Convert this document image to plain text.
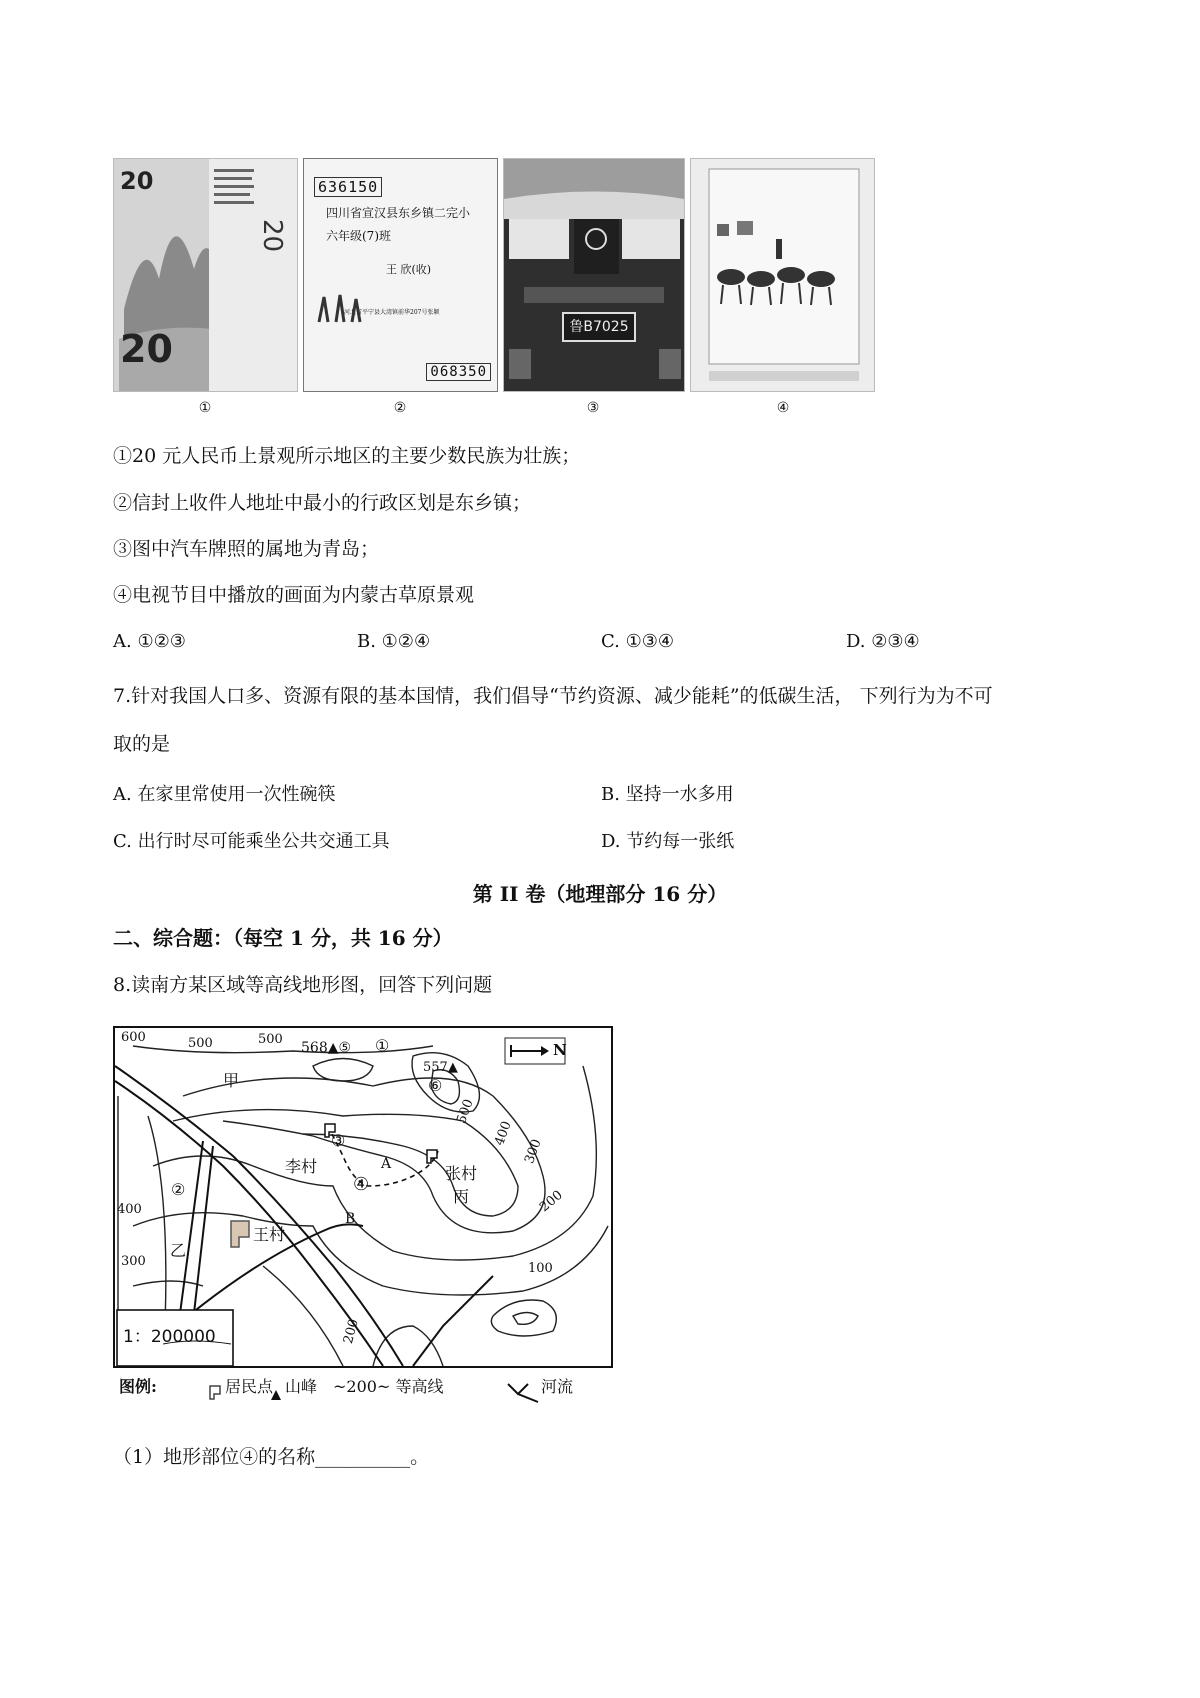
20
20
20
636150
四川省宣汉县东乡镇二完小
六年级(7)班
王 欣(收)
河北省平宁县大湾镇前华207号张颖
068350
鲁B7025
①	②	③	④
①20 元人民币上景观所示地区的主要少数民族为壮族；
②信封上收件人地址中最小的行政区划是东乡镇；
③图中汽车牌照的属地为青岛；
④电视节目中播放的画面为内蒙古草原景观
A. ①②③	B. ①②④	C. ①③④	D. ②③④
7.针对我国人口多、资源有限的基本国情，我们倡导“节约资源、减少能耗”的低碳生活， 下列行为为不可
取的是
A. 在家里常使用一次性碗筷	B. 坚持一水多用
C. 出行时尽可能乘坐公共交通工具	D. 节约每一张纸
第 II 卷（地理部分 16 分）
二、综合题：（每空 1 分，共 16 分）
8.读南方某区域等高线地形图，回答下列问题
N
600	500	500
568▲⑤ ①
557▲
⑥
500
400
300
200
100
400
300
200
甲
乙
丙
李村	张村
王村
②
③
④
A
B
1：200000
图例:	居民点 山峰 ~200~ 等高线	河流
（1）地形部位④的名称__________。
